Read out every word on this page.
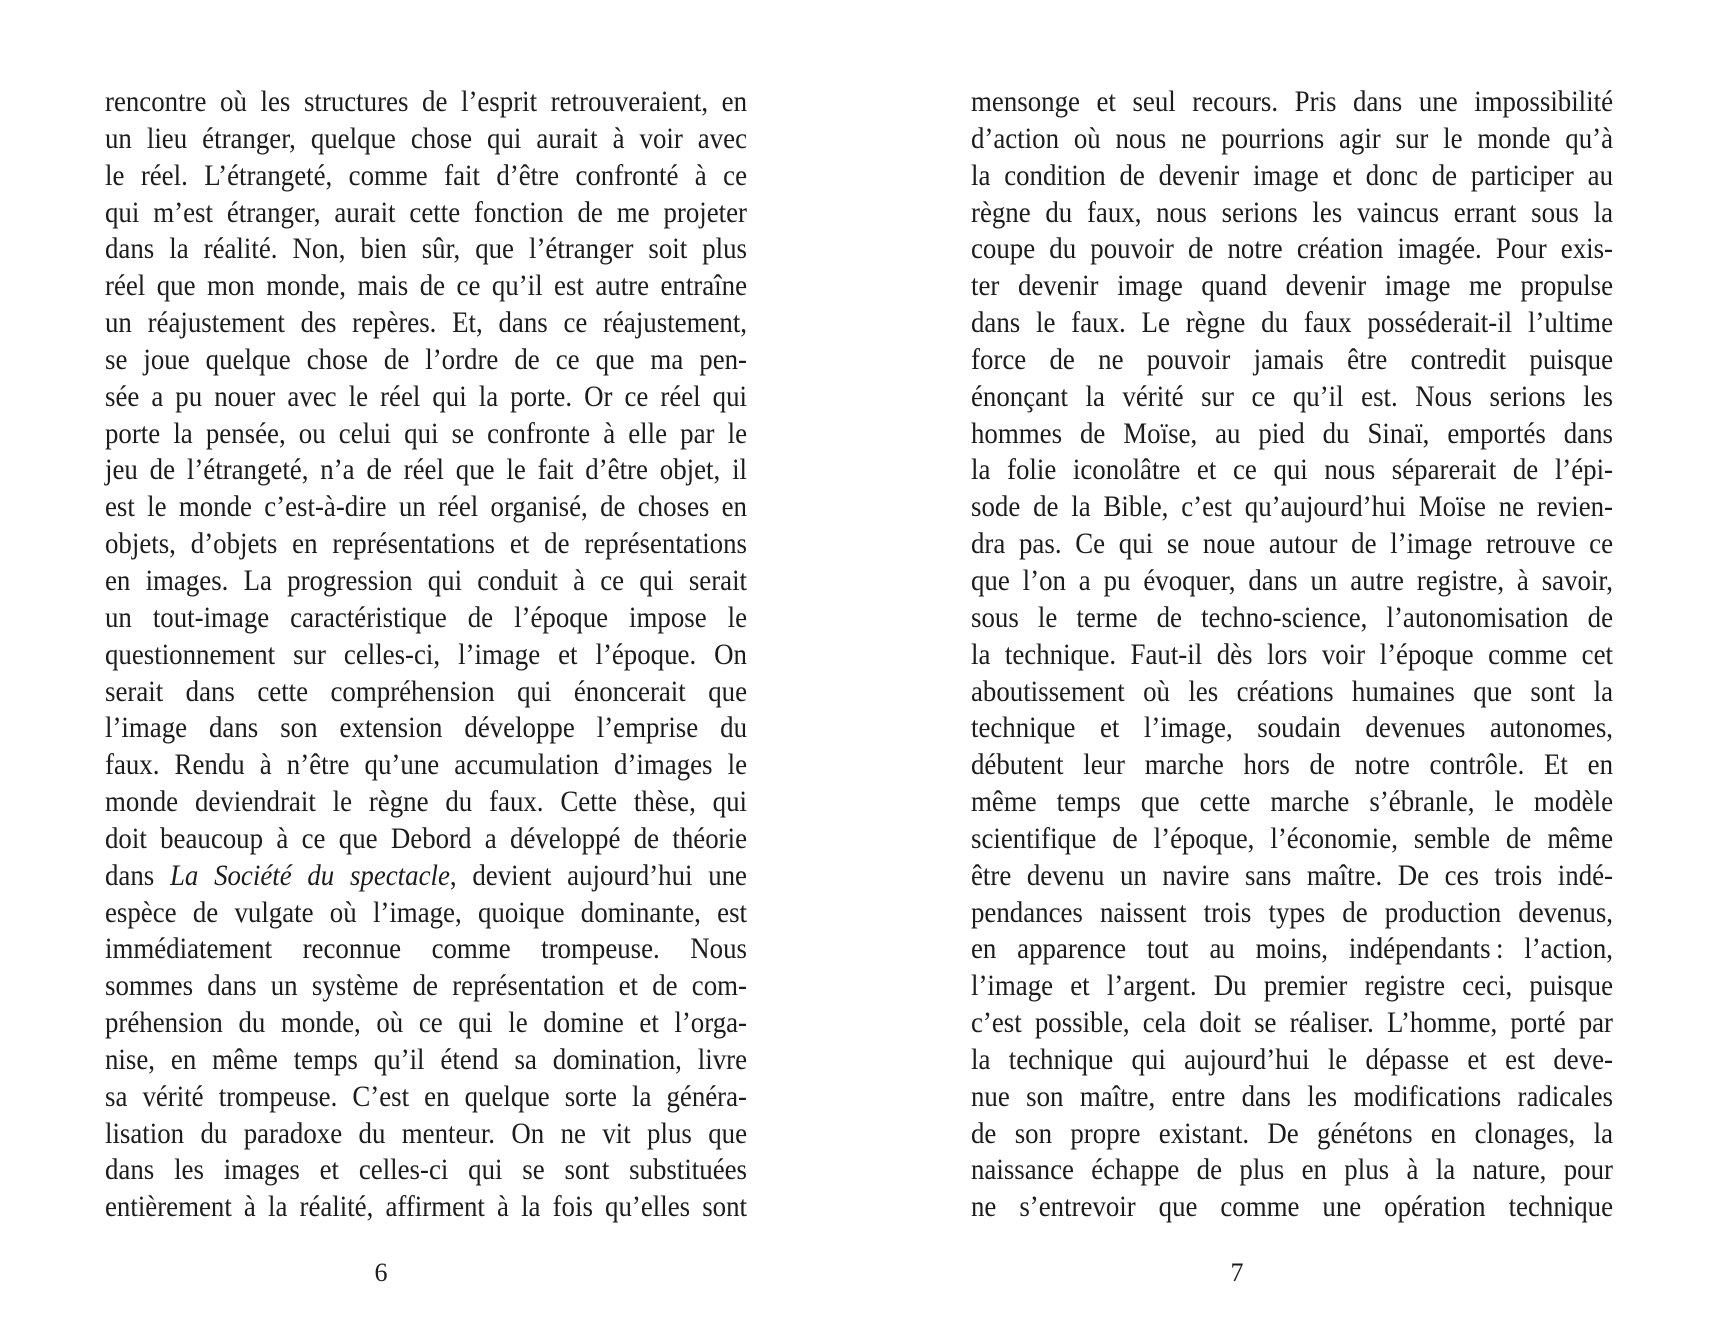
rencontre où les structures de l’esprit retrouveraient, en
un lieu étranger, quelque chose qui aurait à voir avec
le réel. L’étrangeté, comme fait d’être confronté à ce
qui m’est étranger, aurait cette fonction de me projeter
dans la réalité. Non, bien sûr, que l’étranger soit plus
réel que mon monde, mais de ce qu’il est autre entraîne
un réajustement des repères. Et, dans ce réajustement,
se joue quelque chose de l’ordre de ce que ma pen-
sée a pu nouer avec le réel qui la porte. Or ce réel qui
porte la pensée, ou celui qui se confronte à elle par le
jeu de l’étrangeté, n’a de réel que le fait d’être objet, il
est le monde c’est-à-dire un réel organisé, de choses en
objets, d’objets en représentations et de représentations
en images. La progression qui conduit à ce qui serait
un tout-image caractéristique de l’époque impose le
questionnement sur celles-ci, l’image et l’époque. On
serait dans cette compréhension qui énoncerait que
l’image dans son extension développe l’emprise du
faux. Rendu à n’être qu’une accumulation d’images le
monde deviendrait le règne du faux. Cette thèse, qui
doit beaucoup à ce que Debord a développé de théorie
dans La Société du spectacle, devient aujourd’hui une
espèce de vulgate où l’image, quoique dominante, est
immédiatement reconnue comme trompeuse. Nous
sommes dans un système de représentation et de com-
préhension du monde, où ce qui le domine et l’orga-
nise, en même temps qu’il étend sa domination, livre
sa vérité trompeuse. C’est en quelque sorte la généra-
lisation du paradoxe du menteur. On ne vit plus que
dans les images et celles-ci qui se sont substituées
entièrement à la réalité, affirment à la fois qu’elles sont
mensonge et seul recours. Pris dans une impossibilité
d’action où nous ne pourrions agir sur le monde qu’à
la condition de devenir image et donc de participer au
règne du faux, nous serions les vaincus errant sous la
coupe du pouvoir de notre création imagée. Pour exis-
ter devenir image quand devenir image me propulse
dans le faux. Le règne du faux posséderait-il l’ultime
force de ne pouvoir jamais être contredit puisque
énonçant la vérité sur ce qu’il est. Nous serions les
hommes de Moïse, au pied du Sinaï, emportés dans
la folie iconolâtre et ce qui nous séparerait de l’épi-
sode de la Bible, c’est qu’aujourd’hui Moïse ne revien-
dra pas. Ce qui se noue autour de l’image retrouve ce
que l’on a pu évoquer, dans un autre registre, à savoir,
sous le terme de techno-science, l’autonomisation de
la technique. Faut-il dès lors voir l’époque comme cet
aboutissement où les créations humaines que sont la
technique et l’image, soudain devenues autonomes,
débutent leur marche hors de notre contrôle. Et en
même temps que cette marche s’ébranle, le modèle
scientifique de l’époque, l’économie, semble de même
être devenu un navire sans maître. De ces trois indé-
pendances naissent trois types de production devenus,
en apparence tout au moins, indépendants : l’action,
l’image et l’argent. Du premier registre ceci, puisque
c’est possible, cela doit se réaliser. L’homme, porté par
la technique qui aujourd’hui le dépasse et est deve-
nue son maître, entre dans les modifications radicales
de son propre existant. De génétons en clonages, la
naissance échappe de plus en plus à la nature, pour
ne s’entrevoir que comme une opération technique
6	7
